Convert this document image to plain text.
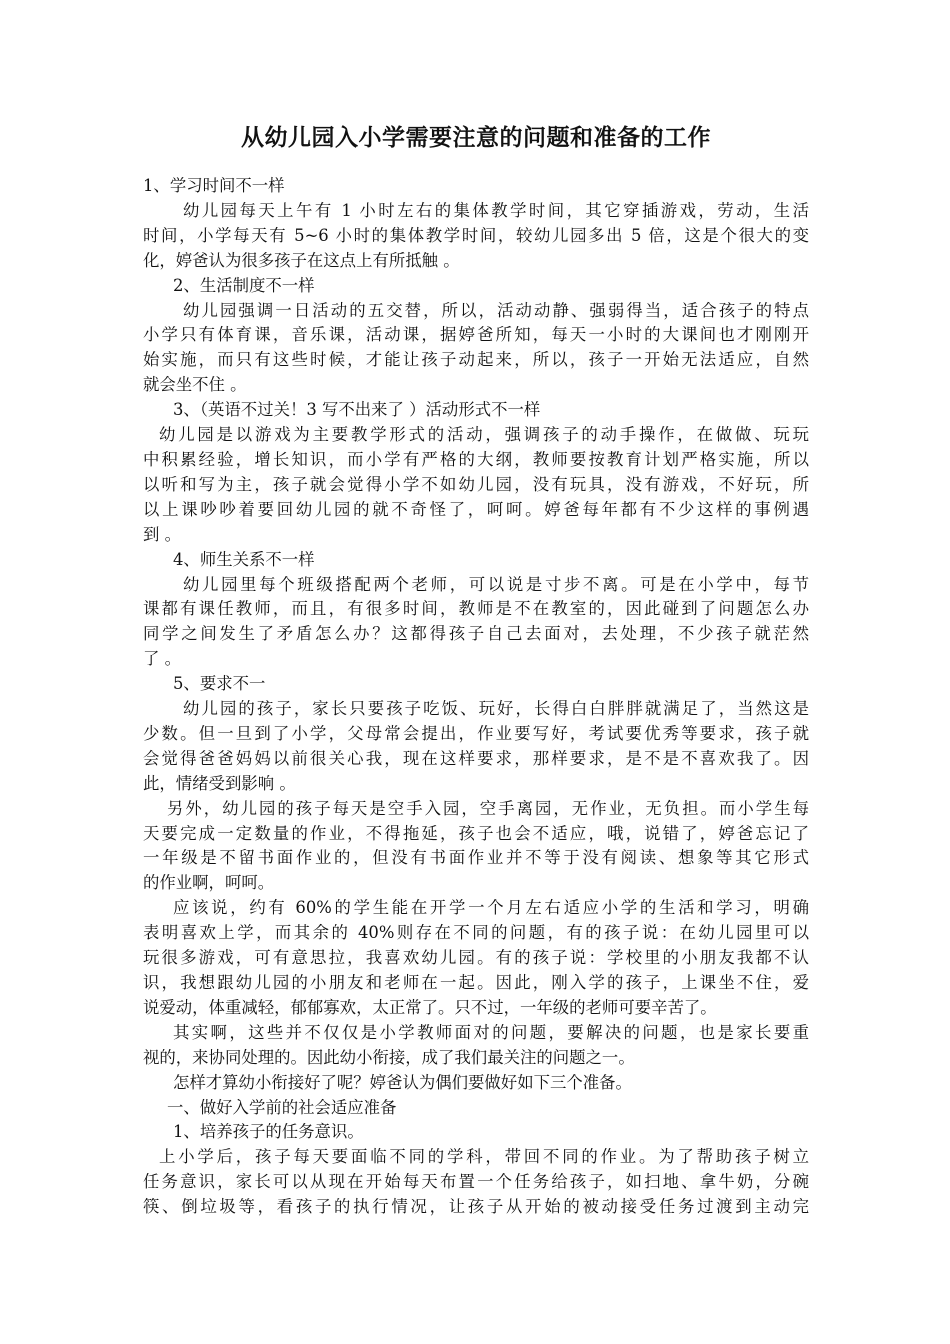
从幼儿园入小学需要注意的问题和准备的工作
1、学习时间不一样
幼儿园每天上午有 1 小时左右的集体教学时间，其它穿插游戏，劳动，生活
时间，小学每天有 5~6 小时的集体教学时间，较幼儿园多出 5 倍，这是个很大的变
化，婷爸认为很多孩子在这点上有所抵触 。
2、生活制度不一样
幼儿园强调一日活动的五交替，所以，活动动静、强弱得当，适合孩子的特点
小学只有体育课，音乐课，活动课，据婷爸所知，每天一小时的大课间也才刚刚开
始实施，而只有这些时候，才能让孩子动起来，所以，孩子一开始无法适应，自然
就会坐不住 。
3、（英语不过关！3 写不出来了 ）活动形式不一样
幼儿园是以游戏为主要教学形式的活动，强调孩子的动手操作，在做做、玩玩
中积累经验，增长知识，而小学有严格的大纲，教师要按教育计划严格实施，所以
以听和写为主，孩子就会觉得小学不如幼儿园，没有玩具，没有游戏，不好玩，所
以上课吵吵着要回幼儿园的就不奇怪了，呵呵。婷爸每年都有不少这样的事例遇
到 。
4、师生关系不一样
幼儿园里每个班级搭配两个老师，可以说是寸步不离。可是在小学中，每节
课都有课任教师，而且，有很多时间，教师是不在教室的，因此碰到了问题怎么办
同学之间发生了矛盾怎么办？这都得孩子自己去面对，去处理，不少孩子就茫然
了 。
5、要求不一
幼儿园的孩子，家长只要孩子吃饭、玩好，长得白白胖胖就满足了，当然这是
少数。但一旦到了小学，父母常会提出，作业要写好，考试要优秀等要求，孩子就
会觉得爸爸妈妈以前很关心我，现在这样要求，那样要求，是不是不喜欢我了。因
此，情绪受到影响 。
另外，幼儿园的孩子每天是空手入园，空手离园，无作业，无负担。而小学生每
天要完成一定数量的作业，不得拖延，孩子也会不适应，哦，说错了，婷爸忘记了
一年级是不留书面作业的，但没有书面作业并不等于没有阅读、想象等其它形式
的作业啊，呵呵。
应该说，约有 60%的学生能在开学一个月左右适应小学的生活和学习，明确
表明喜欢上学，而其余的 40%则存在不同的问题，有的孩子说：在幼儿园里可以
玩很多游戏，可有意思拉，我喜欢幼儿园。有的孩子说：学校里的小朋友我都不认
识，我想跟幼儿园的小朋友和老师在一起。因此，刚入学的孩子，上课坐不住，爱
说爱动，体重减轻，郁郁寡欢，太正常了。只不过，一年级的老师可要辛苦了。
其实啊，这些并不仅仅是小学教师面对的问题，要解决的问题，也是家长要重
视的，来协同处理的。因此幼小衔接，成了我们最关注的问题之一。
怎样才算幼小衔接好了呢？婷爸认为偶们要做好如下三个准备。
一、做好入学前的社会适应准备
1、培养孩子的任务意识。
上小学后，孩子每天要面临不同的学科，带回不同的作业。为了帮助孩子树立
任务意识，家长可以从现在开始每天布置一个任务给孩子，如扫地、拿牛奶，分碗
筷、倒垃圾等，看孩子的执行情况，让孩子从开始的被动接受任务过渡到主动完
